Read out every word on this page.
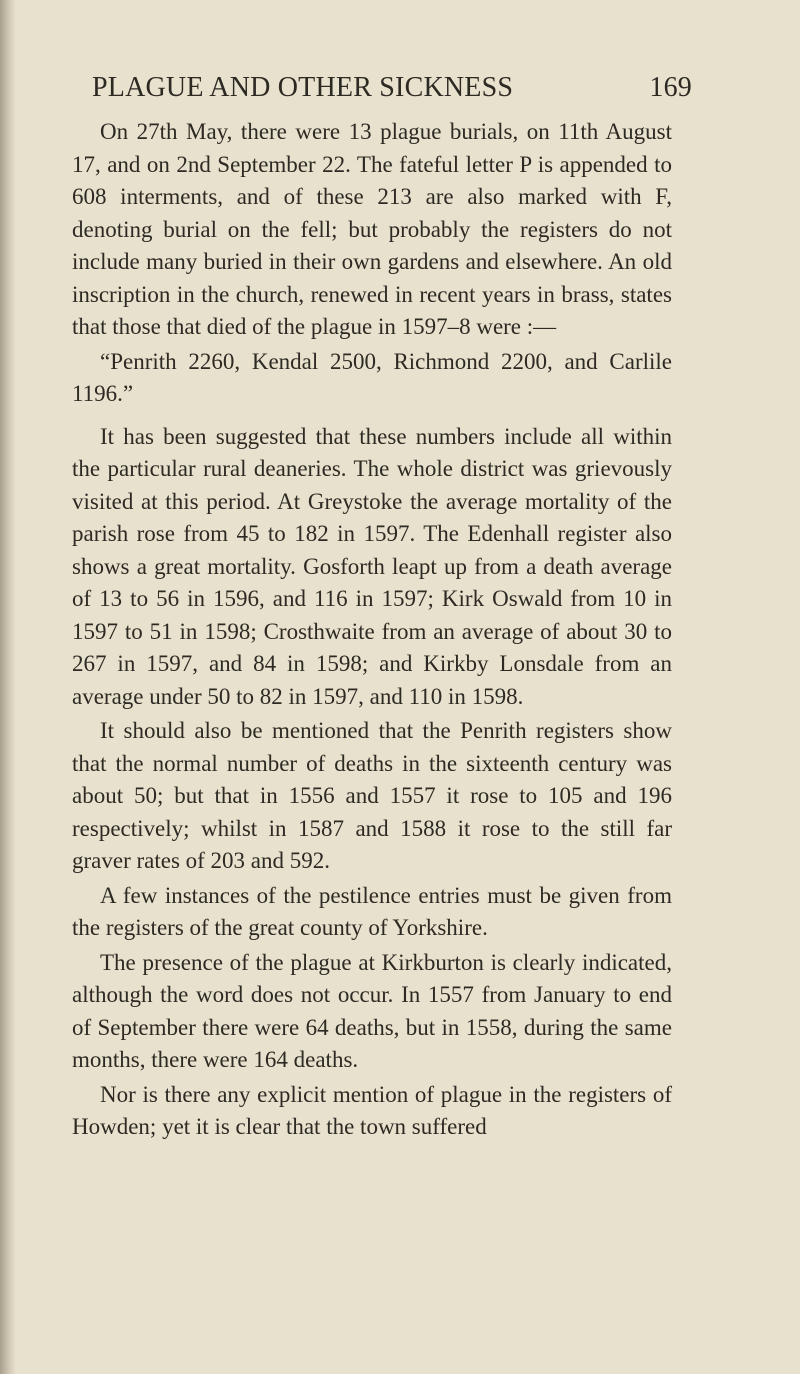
PLAGUE AND OTHER SICKNESS	169

On 27th May, there were 13 plague burials, on 11th August 17, and on 2nd September 22. The fateful letter P is appended to 608 interments, and of these 213 are also marked with F, denoting burial on the fell; but probably the registers do not include many buried in their own gardens and elsewhere. An old inscription in the church, renewed in recent years in brass, states that those that died of the plague in 1597–8 were :—

“Penrith 2260, Kendal 2500, Richmond 2200, and Carlile 1196.”

It has been suggested that these numbers include all within the particular rural deaneries. The whole district was grievously visited at this period. At Greystoke the average mortality of the parish rose from 45 to 182 in 1597. The Edenhall register also shows a great mortality. Gosforth leapt up from a death average of 13 to 56 in 1596, and 116 in 1597; Kirk Oswald from 10 in 1597 to 51 in 1598; Crosthwaite from an average of about 30 to 267 in 1597, and 84 in 1598; and Kirkby Lonsdale from an average under 50 to 82 in 1597, and 110 in 1598.

It should also be mentioned that the Penrith registers show that the normal number of deaths in the sixteenth century was about 50; but that in 1556 and 1557 it rose to 105 and 196 respectively; whilst in 1587 and 1588 it rose to the still far graver rates of 203 and 592.

A few instances of the pestilence entries must be given from the registers of the great county of Yorkshire.

The presence of the plague at Kirkburton is clearly indicated, although the word does not occur. In 1557 from January to end of September there were 64 deaths, but in 1558, during the same months, there were 164 deaths.

Nor is there any explicit mention of plague in the registers of Howden; yet it is clear that the town suffered
